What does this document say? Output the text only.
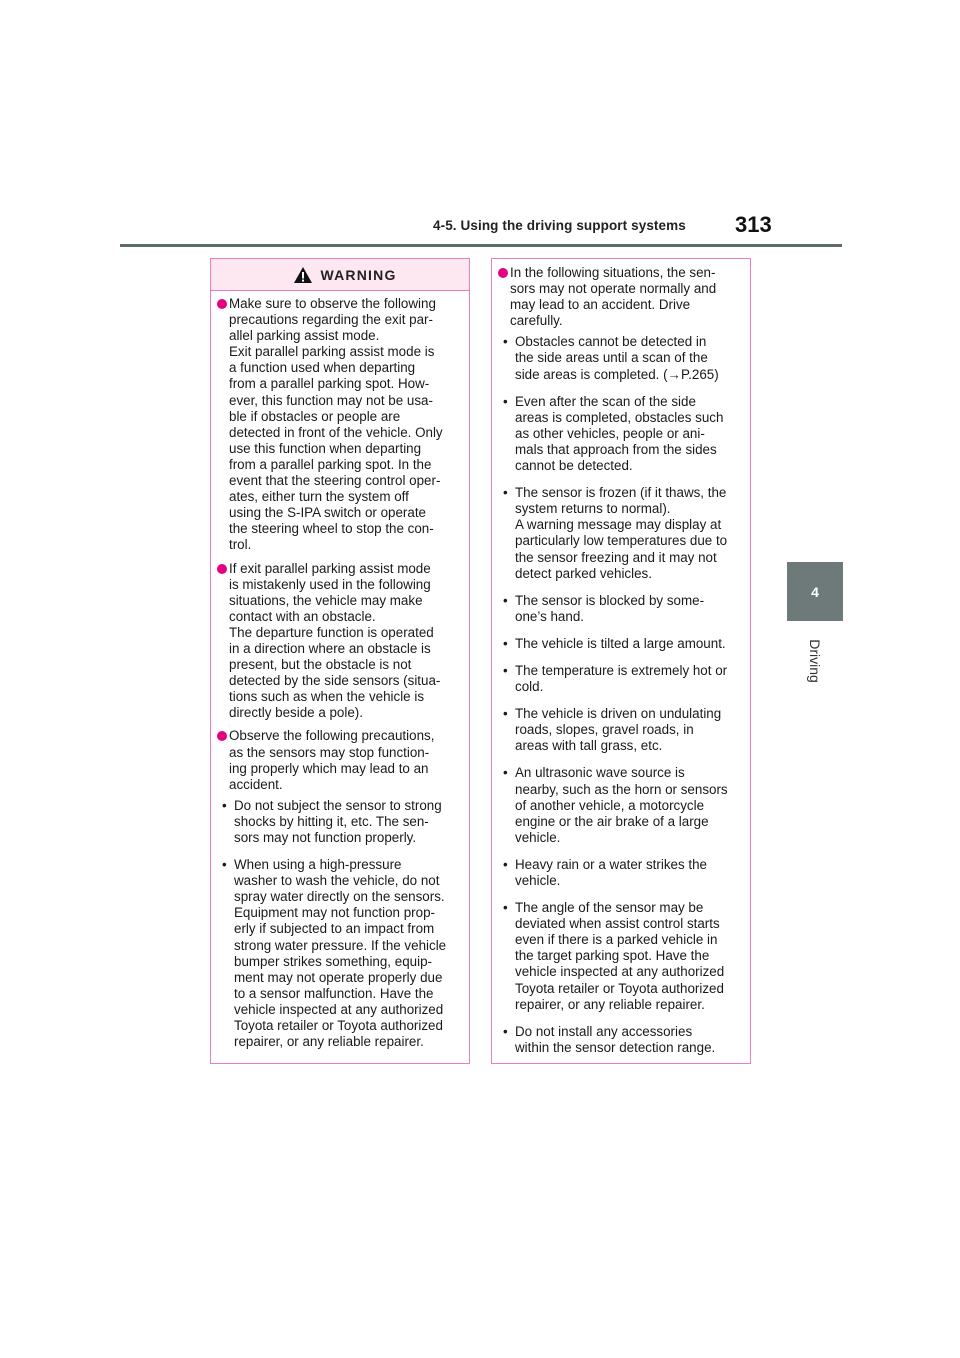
4-5. Using the driving support systems 313
4
Driving
WARNING
Make sure to observe the following
precautions regarding the exit par-
allel parking assist mode.
Exit parallel parking assist mode is
a function used when departing
from a parallel parking spot. How-
ever, this function may not be usa-
ble if obstacles or people are
detected in front of the vehicle. Only
use this function when departing
from a parallel parking spot. In the
event that the steering control oper-
ates, either turn the system off
using the S-IPA switch or operate
the steering wheel to stop the con-
trol.
If exit parallel parking assist mode
is mistakenly used in the following
situations, the vehicle may make
contact with an obstacle.
The departure function is operated
in a direction where an obstacle is
present, but the obstacle is not
detected by the side sensors (situa-
tions such as when the vehicle is
directly beside a pole).
Observe the following precautions,
as the sensors may stop function-
ing properly which may lead to an
accident.
• Do not subject the sensor to strong
shocks by hitting it, etc. The sen-
sors may not function properly.
• When using a high-pressure
washer to wash the vehicle, do not
spray water directly on the sensors.
Equipment may not function prop-
erly if subjected to an impact from
strong water pressure. If the vehicle
bumper strikes something, equip-
ment may not operate properly due
to a sensor malfunction. Have the
vehicle inspected at any authorized
Toyota retailer or Toyota authorized
repairer, or any reliable repairer.
In the following situations, the sen-
sors may not operate normally and
may lead to an accident. Drive
carefully.
• Obstacles cannot be detected in
the side areas until a scan of the
side areas is completed. (→P.265)
• Even after the scan of the side
areas is completed, obstacles such
as other vehicles, people or ani-
mals that approach from the sides
cannot be detected.
• The sensor is frozen (if it thaws, the
system returns to normal).
A warning message may display at
particularly low temperatures due to
the sensor freezing and it may not
detect parked vehicles.
• The sensor is blocked by some-
one’s hand.
• The vehicle is tilted a large amount.
• The temperature is extremely hot or
cold.
• The vehicle is driven on undulating
roads, slopes, gravel roads, in
areas with tall grass, etc.
• An ultrasonic wave source is
nearby, such as the horn or sensors
of another vehicle, a motorcycle
engine or the air brake of a large
vehicle.
• Heavy rain or a water strikes the
vehicle.
• The angle of the sensor may be
deviated when assist control starts
even if there is a parked vehicle in
the target parking spot. Have the
vehicle inspected at any authorized
Toyota retailer or Toyota authorized
repairer, or any reliable repairer.
• Do not install any accessories
within the sensor detection range.
